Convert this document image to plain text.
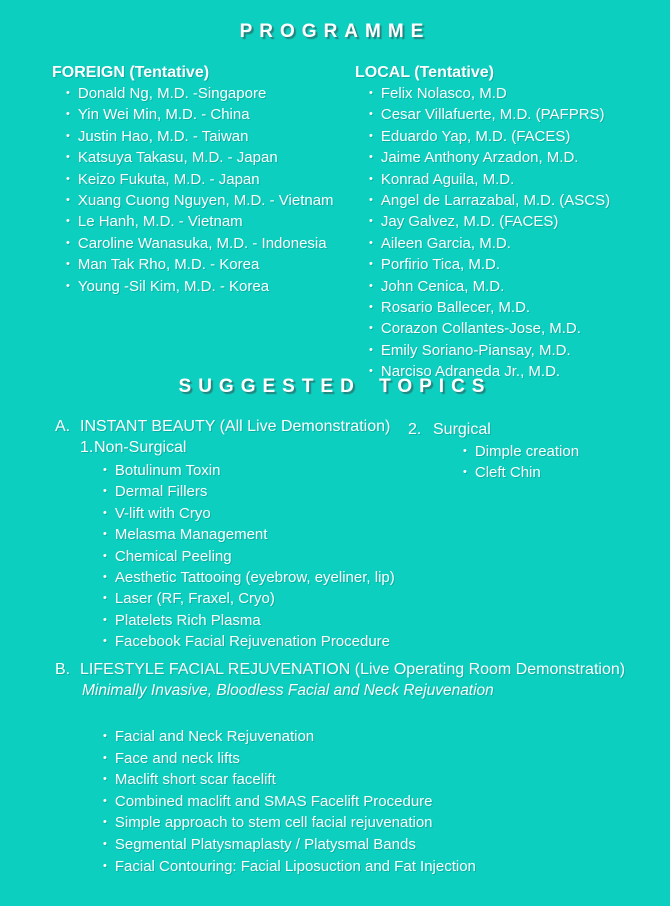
PROGRAMME
FOREIGN (Tentative)
• Donald Ng, M.D. -Singapore
• Yin Wei Min, M.D. - China
• Justin Hao, M.D. - Taiwan
• Katsuya Takasu, M.D. - Japan
• Keizo Fukuta, M.D. - Japan
• Xuang Cuong Nguyen, M.D. - Vietnam
• Le Hanh, M.D. - Vietnam
• Caroline Wanasuka, M.D. - Indonesia
• Man Tak Rho, M.D. - Korea
• Young -Sil Kim, M.D. - Korea
LOCAL (Tentative)
• Felix Nolasco, M.D
• Cesar Villafuerte, M.D. (PAFPRS)
• Eduardo Yap, M.D. (FACES)
• Jaime Anthony Arzadon, M.D.
• Konrad Aguila, M.D.
• Angel de Larrazabal, M.D. (ASCS)
• Jay Galvez, M.D. (FACES)
• Aileen Garcia, M.D.
• Porfirio Tica, M.D.
• John Cenica, M.D.
• Rosario Ballecer, M.D.
• Corazon Collantes-Jose, M.D.
• Emily Soriano-Piansay, M.D.
• Narciso Adraneda Jr., M.D.
SUGGESTED TOPICS
A. INSTANT BEAUTY (All Live Demonstration)
1. Non-Surgical
• Botulinum Toxin
• Dermal Fillers
• V-lift with Cryo
• Melasma Management
• Chemical Peeling
• Aesthetic Tattooing (eyebrow, eyeliner, lip)
• Laser (RF, Fraxel, Cryo)
• Platelets Rich Plasma
• Facebook Facial Rejuvenation Procedure
2. Surgical
• Dimple creation
• Cleft Chin
B. LIFESTYLE FACIAL REJUVENATION (Live Operating Room Demonstration)
Minimally Invasive, Bloodless Facial and Neck Rejuvenation
• Facial and Neck Rejuvenation
• Face and neck lifts
• Maclift short scar facelift
• Combined maclift and SMAS Facelift Procedure
• Simple approach to stem cell facial rejuvenation
• Segmental Platysmaplasty / Platysmal Bands
• Facial Contouring: Facial Liposuction and Fat Injection
